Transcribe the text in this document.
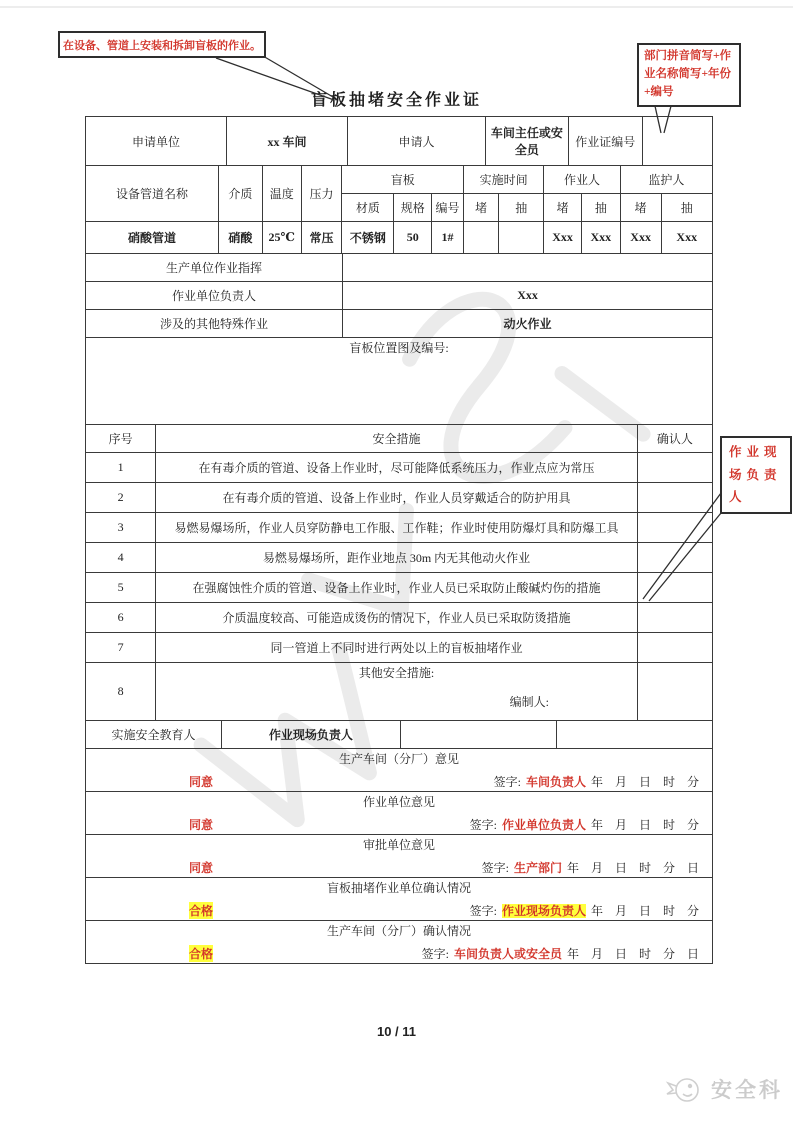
在设备、管道上安装和拆卸盲板的作业。
部门拼音简写+作业名称简写+年份+编号
作业现场负责人
盲板抽堵安全作业证
申请单位	xx 车间	申请人	车间主任或安全员	作业证编号	
设备管道名称	介质	温度	压力	盲板			实施时间		作业人		监护人	
				材质	规格	编号	堵	抽	堵	抽	堵	抽
硝酸管道	硝酸	25℃	常压	不锈钢	50	1#			Xxx	Xxx	Xxx	Xxx
生产单位作业指挥	
作业单位负责人	Xxx
涉及的其他特殊作业	动火作业
盲板位置图及编号:
序号	安全措施	确认人
1	在有毒介质的管道、设备上作业时，尽可能降低系统压力，作业点应为常压	
2	在有毒介质的管道、设备上作业时，作业人员穿戴适合的防护用具	
3	易燃易爆场所，作业人员穿防静电工作服、工作鞋；作业时使用防爆灯具和防爆工具	
4	易燃易爆场所，距作业地点 30m 内无其他动火作业	
5	在强腐蚀性介质的管道、设备上作业时，作业人员已采取防止酸碱灼伤的措施	
6	介质温度较高、可能造成烫伤的情况下，作业人员已采取防烫措施	
7	同一管道上不同时进行两处以上的盲板抽堵作业	
8	其他安全措施:
编制人:	

实施安全教育人	作业现场负责人		
生产车间（分厂）意见
同意	签字: 车间负责人 年　月　日　时　分

作业单位意见
同意	签字: 作业单位负责人 年　月　日　时　分

审批单位意见
同意	签字: 生产部门 年　月　日　时　分　日

盲板抽堵作业单位确认情况
合格	签字: 作业现场负责人 年　月　日　时　分

生产车间（分厂）确认情况
合格	签字: 车间负责人或安全员 年　月　日　时　分　日
10 / 11
安全科
